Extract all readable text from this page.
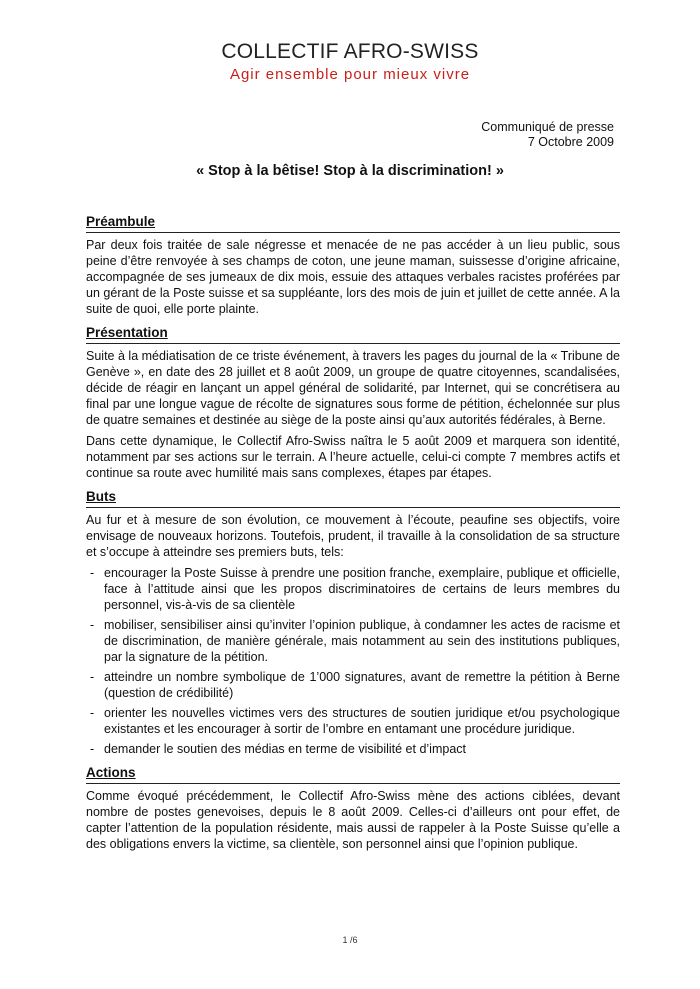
COLLECTIF AFRO-SWISS
Agir ensemble pour mieux vivre
Communiqué de presse
7 Octobre 2009
« Stop à la bêtise! Stop à la discrimination! »
Préambule

Par deux fois traitée de sale négresse et menacée de ne pas accéder à un lieu public, sous peine d’être renvoyée à ses champs de coton, une jeune maman, suissesse d’origine africaine, accompagnée de ses jumeaux de dix mois, essuie des attaques verbales racistes proférées par un gérant de la Poste suisse et sa suppléante, lors des mois de juin et juillet de cette année. A la suite de quoi, elle porte plainte.

Présentation

Suite à la médiatisation de ce triste événement, à travers les pages du journal de la « Tribune de Genève », en date des 28 juillet et 8 août 2009, un groupe de quatre citoyennes, scandalisées, décide de réagir en lançant un appel général de solidarité, par Internet, qui se concrétisera au final par une longue vague de récolte de signatures sous forme de pétition, échelonnée sur plus de quatre semaines et destinée au siège de la poste ainsi qu’aux autorités fédérales, à Berne.

Dans cette dynamique, le Collectif Afro-Swiss naîtra le 5 août 2009 et marquera son identité, notamment par ses actions sur le terrain. A l’heure actuelle, celui-ci compte 7 membres actifs et continue sa route avec humilité mais sans complexes, étapes par étapes.

Buts

Au fur et à mesure de son évolution, ce mouvement à l’écoute, peaufine ses objectifs, voire envisage de nouveaux horizons. Toutefois, prudent, il travaille à la consolidation de sa structure et s’occupe à atteindre ses premiers buts, tels:

- encourager la Poste Suisse à prendre une position franche, exemplaire, publique et officielle, face à l’attitude ainsi que les propos discriminatoires de certains de leurs membres du personnel, vis-à-vis de sa clientèle
- mobiliser, sensibiliser ainsi qu’inviter l’opinion publique, à condamner les actes de racisme et de discrimination, de manière générale, mais notamment au sein des institutions publiques, par la signature de la pétition.
- atteindre un nombre symbolique de 1’000 signatures, avant de remettre la pétition à Berne (question de crédibilité)
- orienter les nouvelles victimes vers des structures de soutien juridique et/ou psychologique existantes et les encourager à sortir de l’ombre en entamant une procédure juridique.
- demander le soutien des médias en terme de visibilité et d’impact
Actions

Comme évoqué précédemment, le Collectif Afro-Swiss mène des actions ciblées, devant nombre de postes genevoises, depuis le 8 août 2009. Celles-ci d’ailleurs ont pour effet, de capter l’attention de la population résidente, mais aussi de rappeler à la Poste Suisse qu’elle a des obligations envers la victime, sa clientèle, son personnel ainsi que l’opinion publique.

1 /6
